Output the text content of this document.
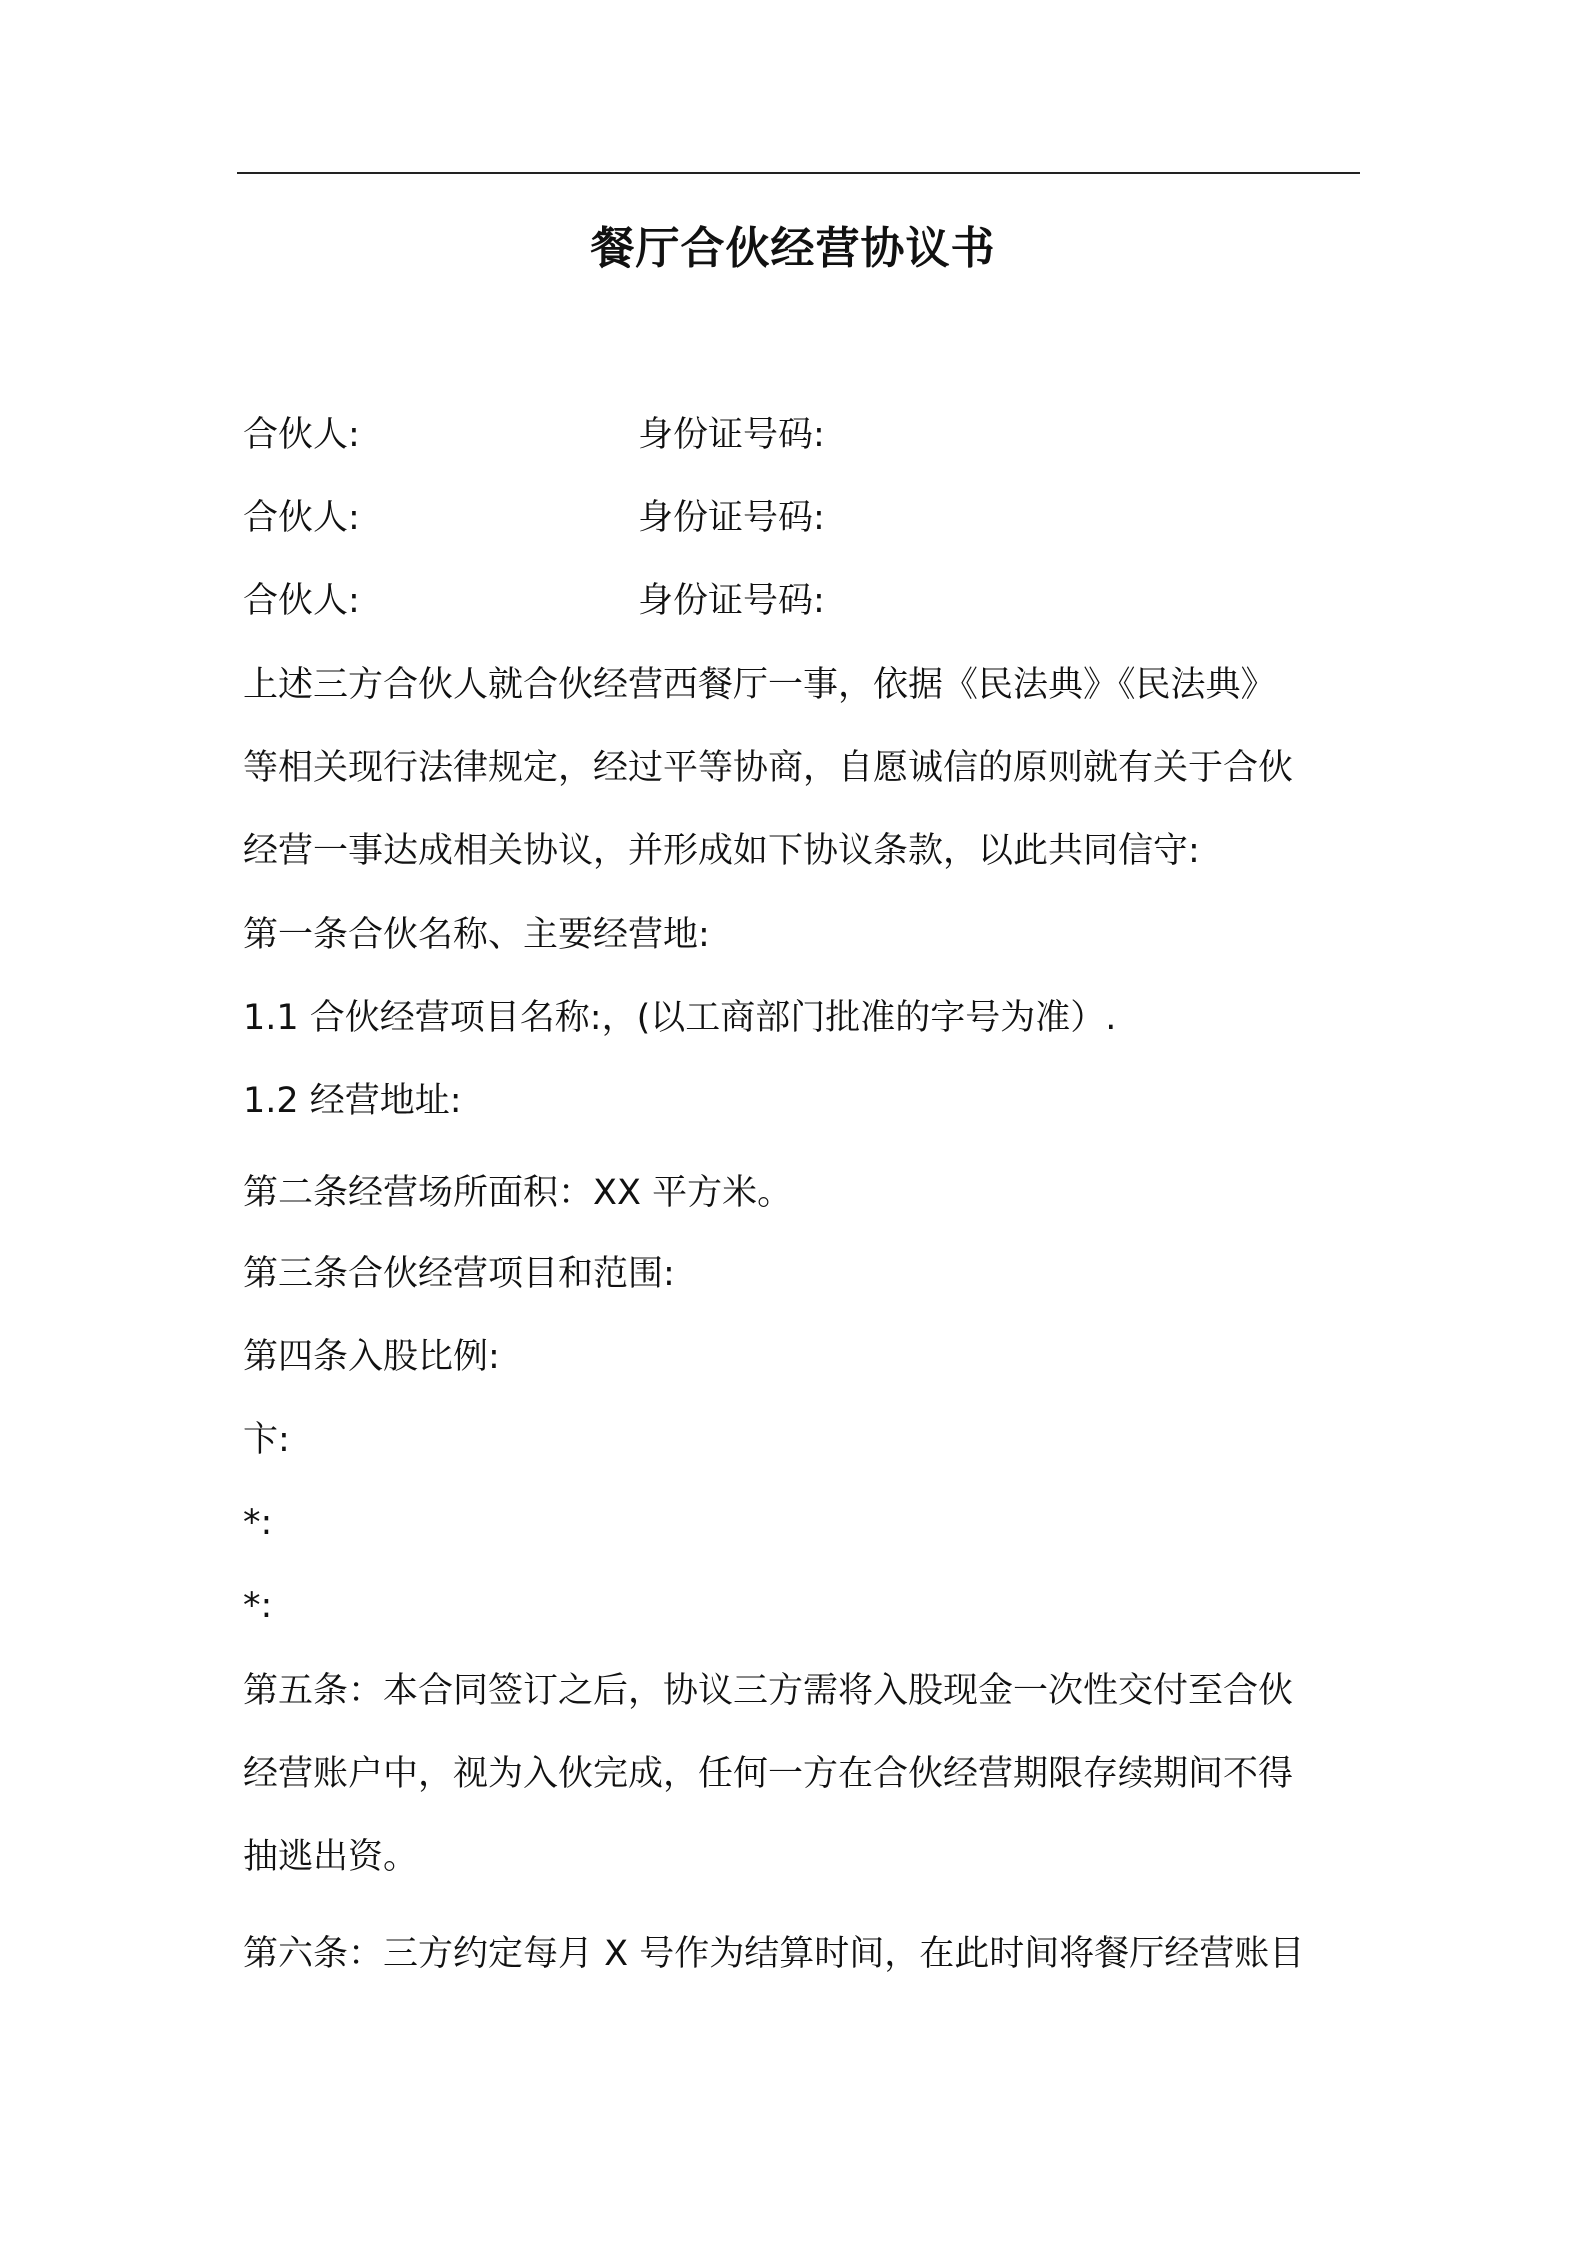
餐厅合伙经营协议书
合伙人:	身份证号码:
合伙人:	身份证号码:
合伙人:	身份证号码:
上述三方合伙人就合伙经营西餐厅一事，依据《民法典》《民法典》
等相关现行法律规定，经过平等协商，自愿诚信的原则就有关于合伙
经营一事达成相关协议，并形成如下协议条款，以此共同信守:
第一条合伙名称、主要经营地:
1.1 合伙经营项目名称:，(以工商部门批准的字号为准）.
1.2 经营地址:
第二条经营场所面积：XX 平方米。
第三条合伙经营项目和范围:
第四条入股比例:
卞:
*:
*:
第五条：本合同签订之后，协议三方需将入股现金一次性交付至合伙
经营账户中，视为入伙完成，任何一方在合伙经营期限存续期间不得
抽逃出资。
第六条：三方约定每月 X 号作为结算时间，在此时间将餐厅经营账目
